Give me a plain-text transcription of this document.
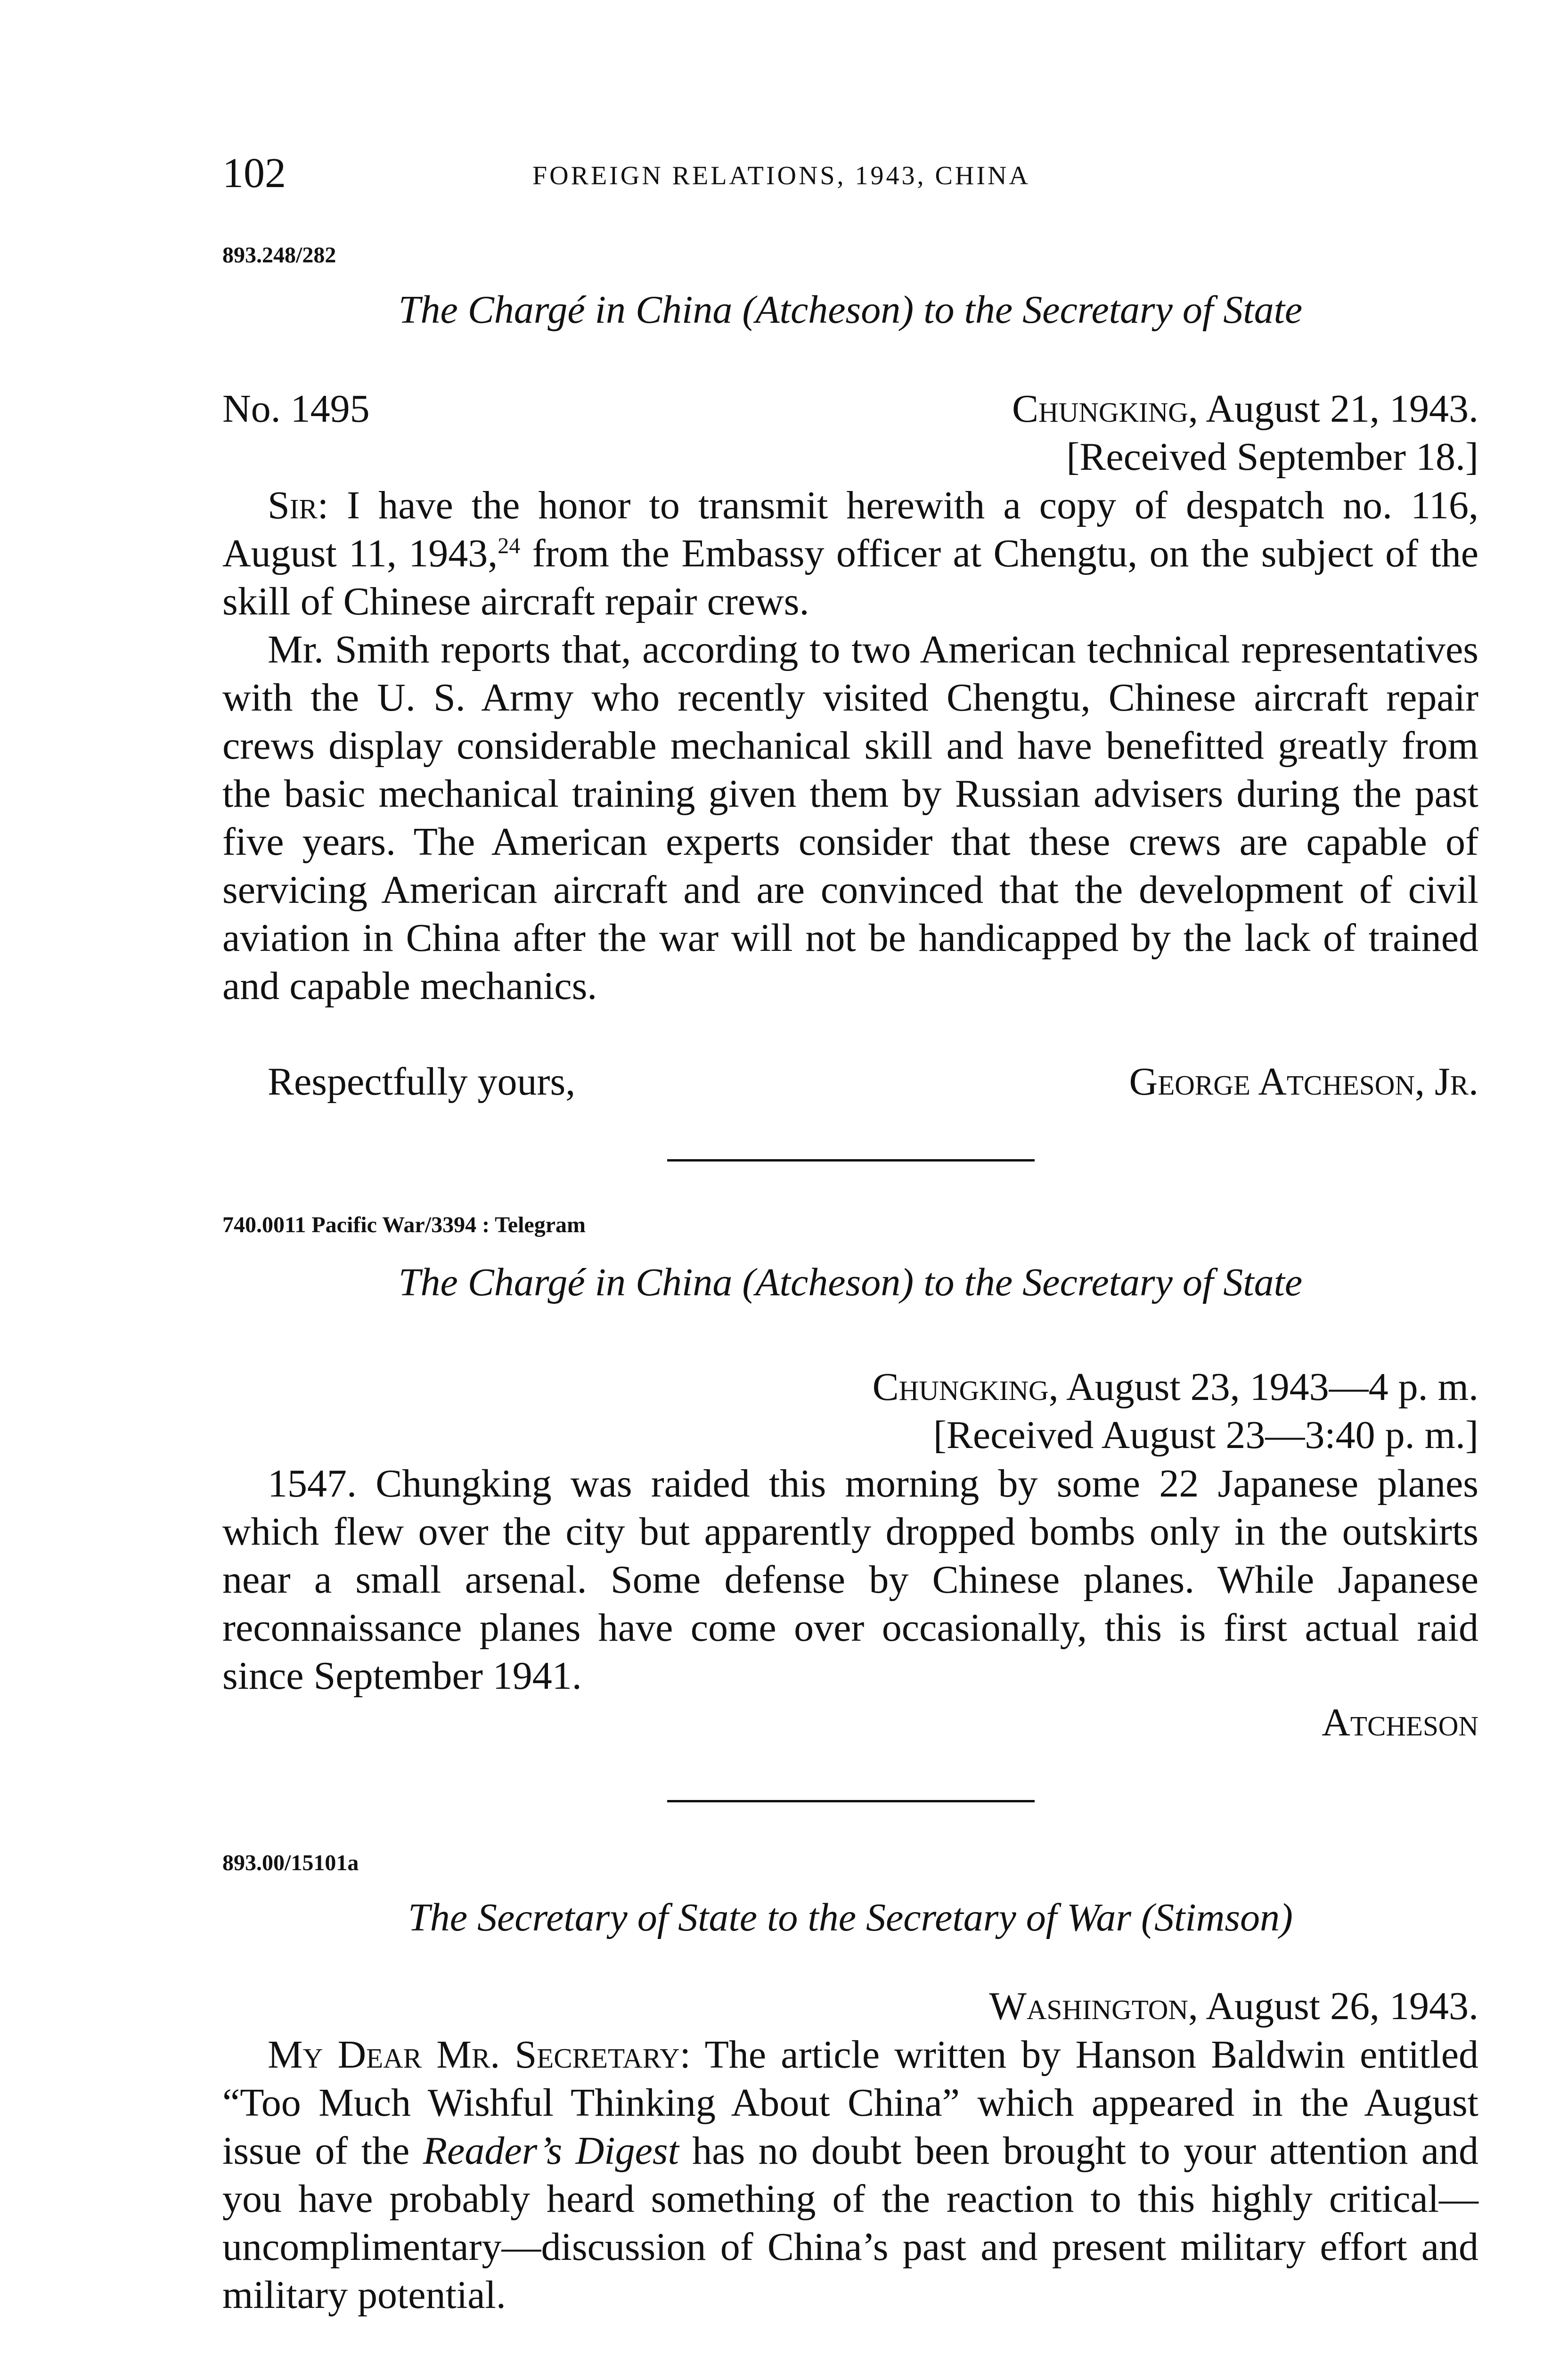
102	FOREIGN RELATIONS, 1943, CHINA
893.248/282
The Chargé in China (Atcheson) to the Secretary of State
No. 1495	Chungking, August 21, 1943.
[Received September 18.]

Sir: I have the honor to transmit herewith a copy of despatch no. 116, August 11, 1943,24 from the Embassy officer at Chengtu, on the subject of the skill of Chinese aircraft repair crews.

Mr. Smith reports that, according to two American technical representatives with the U. S. Army who recently visited Chengtu, Chinese aircraft repair crews display considerable mechanical skill and have benefitted greatly from the basic mechanical training given them by Russian advisers during the past five years. The American experts consider that these crews are capable of servicing American aircraft and are convinced that the development of civil aviation in China after the war will not be handicapped by the lack of trained and capable mechanics.

Respectfully yours,	George Atcheson, Jr.
740.0011 Pacific War/3394 : Telegram
The Chargé in China (Atcheson) to the Secretary of State
Chungking, August 23, 1943—4 p. m.
[Received August 23—3:40 p. m.]

1547. Chungking was raided this morning by some 22 Japanese planes which flew over the city but apparently dropped bombs only in the outskirts near a small arsenal. Some defense by Chinese planes. While Japanese reconnaissance planes have come over occasionally, this is first actual raid since September 1941.

Atcheson
893.00/15101a
The Secretary of State to the Secretary of War (Stimson)
Washington, August 26, 1943.

My Dear Mr. Secretary: The article written by Hanson Baldwin entitled “Too Much Wishful Thinking About China” which appeared in the August issue of the Reader’s Digest has no doubt been brought to your attention and you have probably heard something of the reaction to this highly critical—uncomplimentary—discussion of China’s past and present military effort and military potential.
